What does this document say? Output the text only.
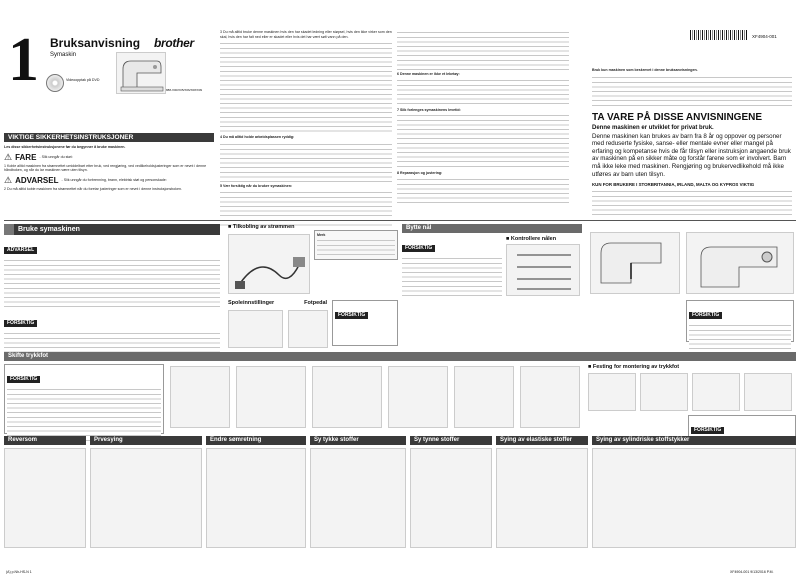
1 Bruksanvisning brother
Symaskin
Videoopptak på DVD
888-X00/X05/X06/X08/X09
VIKTIGE SIKKERHETSINSTRUKSJONER
Les disse sikkerhetsinstruksjonene før du begynner å bruke maskinen.
⚠ FARE - Slik unngår du støt:
1 Koble alltid maskinen fra strømnettet umiddelbart etter bruk, ved rengjøring, ved vedlikeholdsjusteringer som er nevnt i denne håndboken, og når du lar maskinen være uten tilsyn.
⚠ ADVARSEL - Slik unngår du forbrenning, brann, elektrisk støt og personskade:
2 Du må alltid koble maskinen fra strømnettet når du foretar justeringer som er nevnt i denne instruksjonsboken.

3 Du må alltid bruke denne maskinen hvis den har skadet ledning eller støpsel, hvis den ikke virker som den skal, hvis den har falt ned eller er skadet eller hvis det har vært sølt vann på den.

4 Du må alltid holde arbeidsplassen ryddig:

5 Vær forsiktig når du bruker symaskinen:

6 Denne maskinen er ikke et leketøy:

7 Slik forlenges symaskinens levetid:

8 Reparasjon og justering:

XF4904-001
Bruk kun maskinen som beskrevet i denne bruksanvisningen.
TA VARE PÅ DISSE ANVISNINGENE
Denne maskinen er utviklet for privat bruk.
Denne maskinen kan brukes av barn fra 8 år og oppover og personer med reduserte fysiske, sanse- eller mentale evner eller mangel på erfaring og kompetanse hvis de får tilsyn eller instruksjon angaende bruk av maskinen på en sikker måte og forstår farene som er involvert. Barn må ikke leke med maskinen. Rengjøring og brukervedlikehold må ikke utføres av barn uten tilsyn.
KUN FOR BRUKERE I STORBRITANNIA, IRLAND, MALTA OG KYPROS VIKTIG
Bruke symaskinen
ADVARSEL
FORSIKTIG
■ Tilkobling av strømmen
Merk
Bytte nål
FORSIKTIG
■ Kontrollere nålen
FORSIKTIG
Spoleinnstillinger	Fotpedal
FORSIKTIG
Skifte trykkfot
FORSIKTIG
■ Festing for montering av trykkfot
FORSIKTIG
Reversom	Prvesying	Endre sømretning	Sy tykke stoffer	Sy tynne stoffer	Sying av elastiske stoffer	Sying av sylindriske stoffstykker
(A) p.Nh-HS-N 1	XF4904-001 9/13/2016 P.M.
